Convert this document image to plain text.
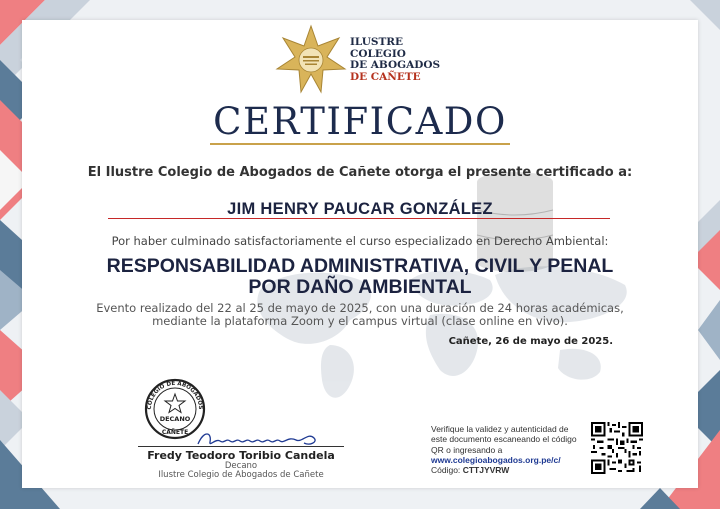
ILUSTRE
COLEGIO
DE ABOGADOS
DE CAÑETE
CERTIFICADO
El Ilustre Colegio de Abogados de Cañete otorga el presente certificado a:
JIM HENRY PAUCAR GONZÁLEZ
Por haber culminado satisfactoriamente el curso especializado en Derecho Ambiental:
RESPONSABILIDAD ADMINISTRATIVA, CIVIL Y PENAL
POR DAÑO AMBIENTAL
Evento realizado del 22 al 25 de mayo de 2025, con una duración de 24 horas académicas,
mediante la plataforma Zoom y el campus virtual (clase online en vivo).
Cañete, 26 de mayo de 2025.
COLEGIO DE ABOGADOS
DECANO
CAÑETE
Fredy Teodoro Toribio Candela
Decano
Ilustre Colegio de Abogados de Cañete
Verifique la validez y autenticidad de
este documento escaneando el código
QR o ingresando a
www.colegioabogados.org.pe/c/
Código: CTTJYVRW
